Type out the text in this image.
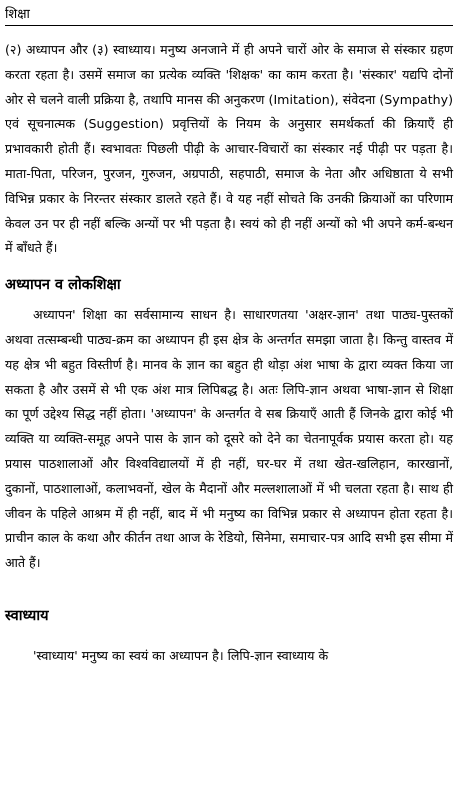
शिक्षा

(२) अध्यापन और (३) स्वाध्याय। मनुष्य अनजाने में ही अपने चारों ओर के समाज से संस्कार ग्रहण करता रहता है। उसमें समाज का प्रत्येक व्यक्ति 'शिक्षक' का काम करता है। 'संस्कार' यद्यपि दोनों ओर से चलने वाली प्रक्रिया है, तथापि मानस की अनुकरण (Imitation), संवेदना (Sympathy) एवं सूचनात्मक (Suggestion) प्रवृत्तियों के नियम के अनुसार समर्थकर्ता की क्रियाएँ ही प्रभावकारी होती हैं। स्वभावतः पिछली पीढ़ी के आचार-विचारों का संस्कार नई पीढ़ी पर पड़ता है। माता-पिता, परिजन, पुरजन, गुरुजन, अग्रपाठी, सहपाठी, समाज के नेता और अधिष्ठाता ये सभी विभिन्न प्रकार के निरन्तर संस्कार डालते रहते हैं। वे यह नहीं सोचते कि उनकी क्रियाओं का परिणाम केवल उन पर ही नहीं बल्कि अन्यों पर भी पड़ता है। स्वयं को ही नहीं अन्यों को भी अपने कर्म-बन्धन में बाँधते हैं।

अध्यापन व लोकशिक्षा

अध्यापन' शिक्षा का सर्वसामान्य साधन है। साधारणतया 'अक्षर-ज्ञान' तथा पाठ्य-पुस्तकों अथवा तत्सम्बन्धी पाठ्य-क्रम का अध्यापन ही इस क्षेत्र के अन्तर्गत समझा जाता है। किन्तु वास्तव में यह क्षेत्र भी बहुत विस्तीर्ण है। मानव के ज्ञान का बहुत ही थोड़ा अंश भाषा के द्वारा व्यक्त किया जा सकता है और उसमें से भी एक अंश मात्र लिपिबद्ध है। अतः लिपि-ज्ञान अथवा भाषा-ज्ञान से शिक्षा का पूर्ण उद्देश्य सिद्ध नहीं होता। 'अध्यापन' के अन्तर्गत वे सब क्रियाएँ आती हैं जिनके द्वारा कोई भी व्यक्ति या व्यक्ति-समूह अपने पास के ज्ञान को दूसरे को देने का चेतनापूर्वक प्रयास करता हो। यह प्रयास पाठशालाओं और विश्वविद्यालयों में ही नहीं, घर-घर में तथा खेत-खलिहान, कारखानों, दुकानों, पाठशालाओं, कलाभवनों, खेल के मैदानों और मल्लशालाओं में भी चलता रहता है। साथ ही जीवन के पहिले आश्रम में ही नहीं, बाद में भी मनुष्य का विभिन्न प्रकार से अध्यापन होता रहता है। प्राचीन काल के कथा और कीर्तन तथा आज के रेडियो, सिनेमा, समाचार-पत्र आदि सभी इस सीमा में आते हैं।

स्वाध्याय

'स्वाध्याय' मनुष्य का स्वयं का अध्यापन है। लिपि-ज्ञान स्वाध्याय के
